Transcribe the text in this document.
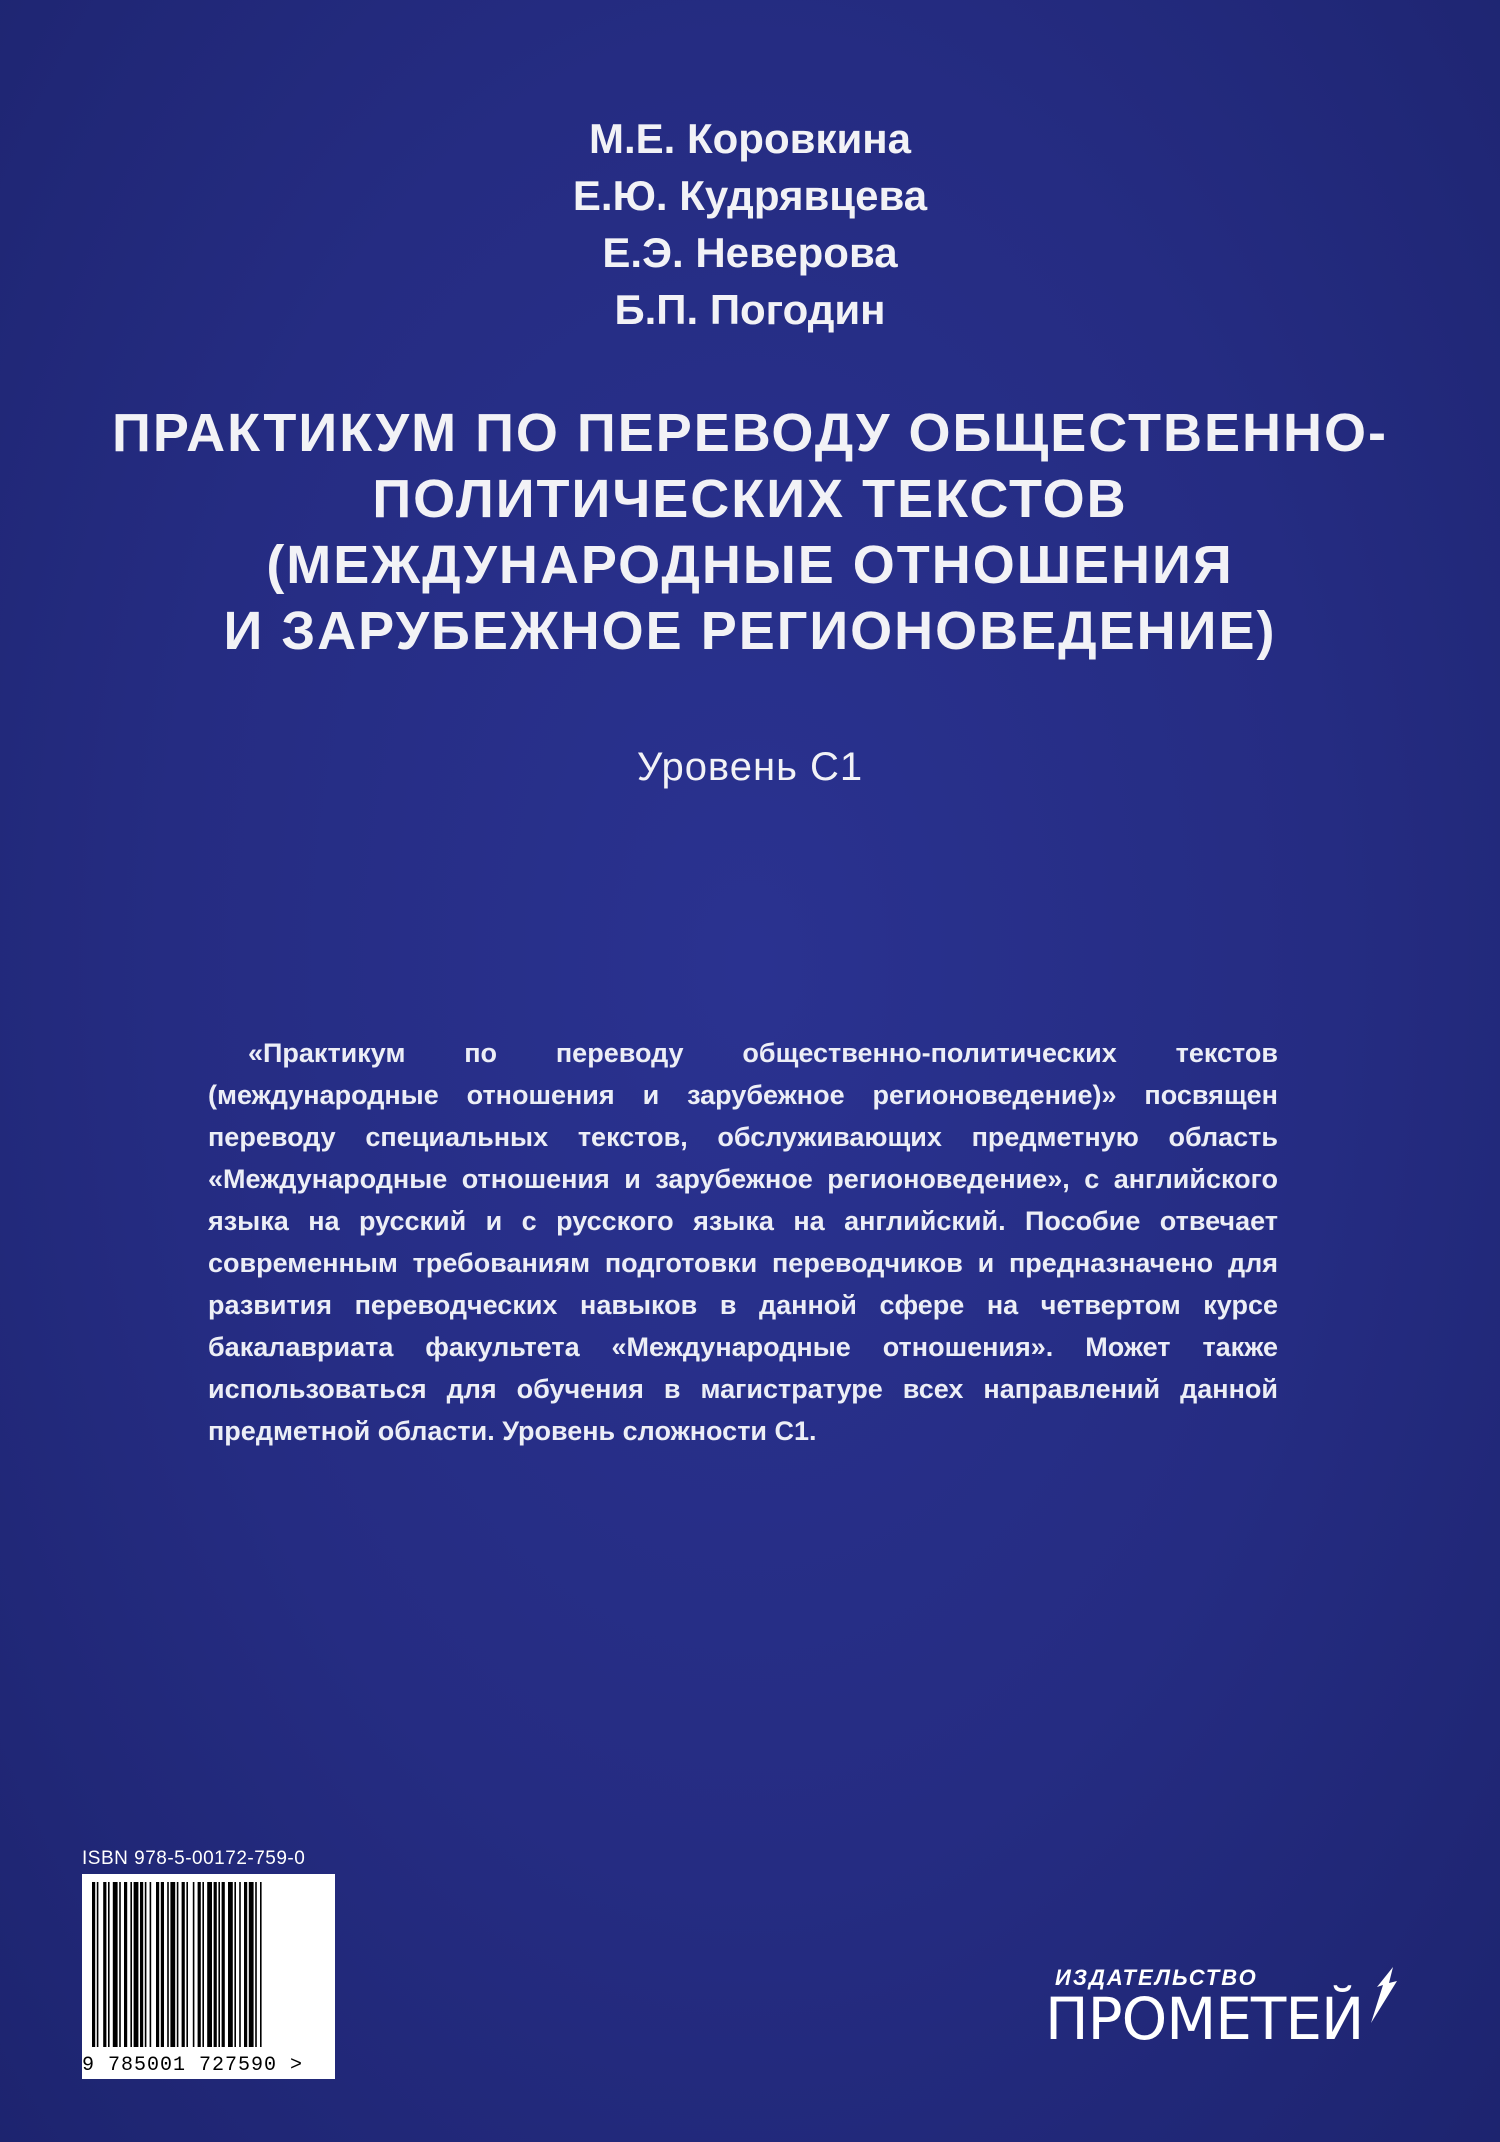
М.Е. Коровкина
Е.Ю. Кудрявцева
Е.Э. Неверова
Б.П. Погодин
ПРАКТИКУМ ПО ПЕРЕВОДУ ОБЩЕСТВЕННО-
ПОЛИТИЧЕСКИХ ТЕКСТОВ
(МЕЖДУНАРОДНЫЕ ОТНОШЕНИЯ
И ЗАРУБЕЖНОЕ РЕГИОНОВЕДЕНИЕ)
Уровень С1
«Практикум по переводу общественно-политических текстов (международные отношения и зарубежное регионоведение)» посвящен переводу специальных текстов, обслуживающих предметную область «Международные отношения и зарубежное регионоведение», с английского языка на русский и с русского языка на английский. Пособие отвечает современным требованиям подготовки переводчиков и предназначено для развития переводческих навыков в данной сфере на четвертом курсе бакалавриата факультета «Международные отношения». Может также использоваться для обучения в магистратуре всех направлений данной предметной области. Уровень сложности С1.
ISBN 978-5-00172-759-0
9 785001 727590 >
ИЗДАТЕЛЬСТВО
ПРОМЕТЕЙ
